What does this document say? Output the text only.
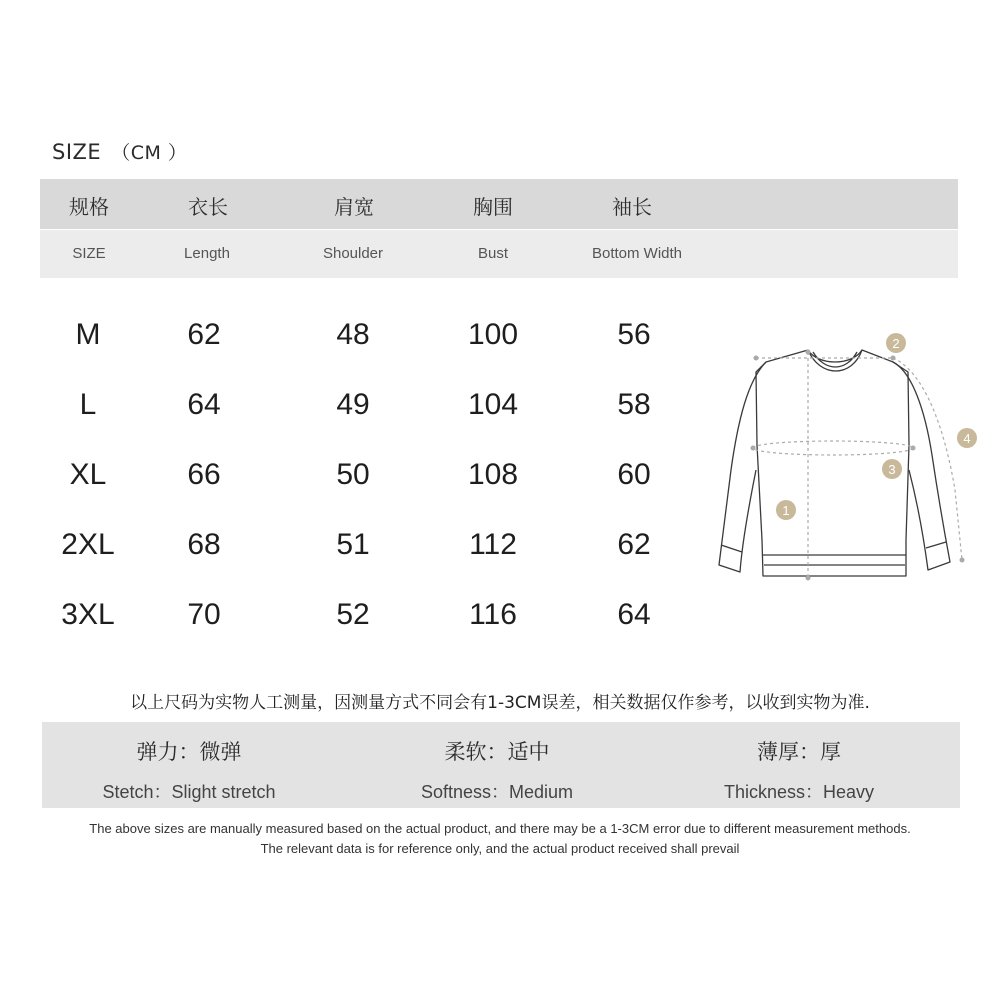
SIZE （CM ）
规格	衣长	肩宽	胸围	袖长
SIZE	Length	Shoulder	Bust	Bottom Width
M	62	48	100	56
L	64	49	104	58
XL	66	50	108	60
2XL 68	51	112	62
3XL 70	52	116	64
1
2
3
4
以上尺码为实物人工测量，因测量方式不同会有1-3CM误差，相关数据仅作参考，以收到实物为准.
弹力：微弹
Stetch：Slight stretch
柔软：适中
Softness：Medium
薄厚：厚
Thickness：Heavy
The above sizes are manually measured based on the actual product, and there may be a 1-3CM error due to different measurement methods.
The relevant data is for reference only, and the actual product received shall prevail
